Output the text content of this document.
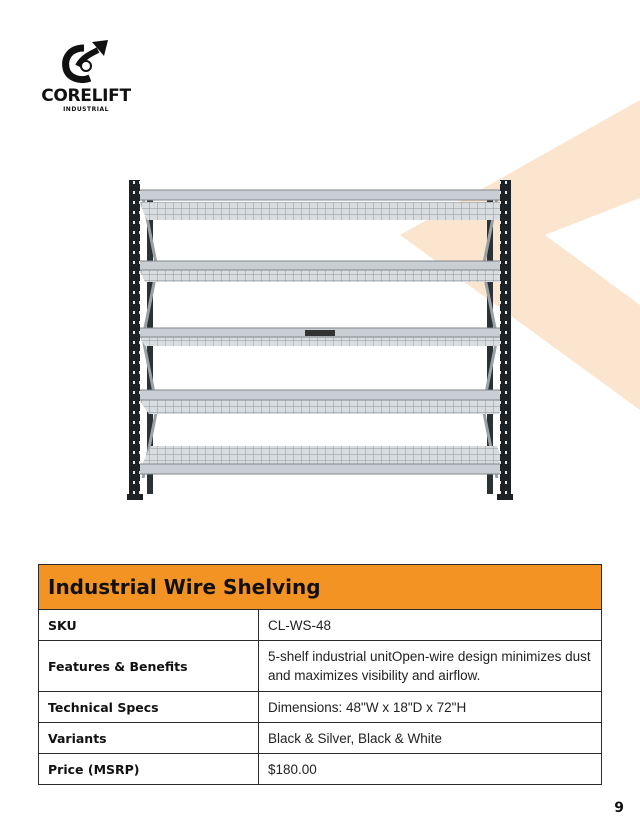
CORELIFT
INDUSTRIAL
Industrial Wire Shelving	
SKU	CL-WS-48
Features & Benefits	5-shelf industrial unitOpen-wire design minimizes dust and maximizes visibility and airflow.
Technical Specs	Dimensions: 48"W x 18"D x 72"H
Variants	Black & Silver, Black & White
Price (MSRP)	$180.00
9
